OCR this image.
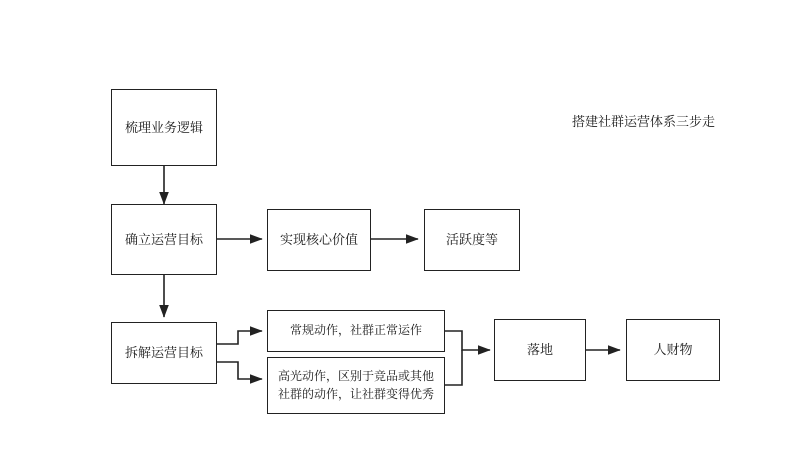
搭建社群运营体系三步走
梳理业务逻辑
确立运营目标	实现核心价值	活跃度等
拆解运营目标
常规动作，社群正常运作
高光动作，区别于竞品或其他社群的动作，让社群变得优秀
落地	人财物
